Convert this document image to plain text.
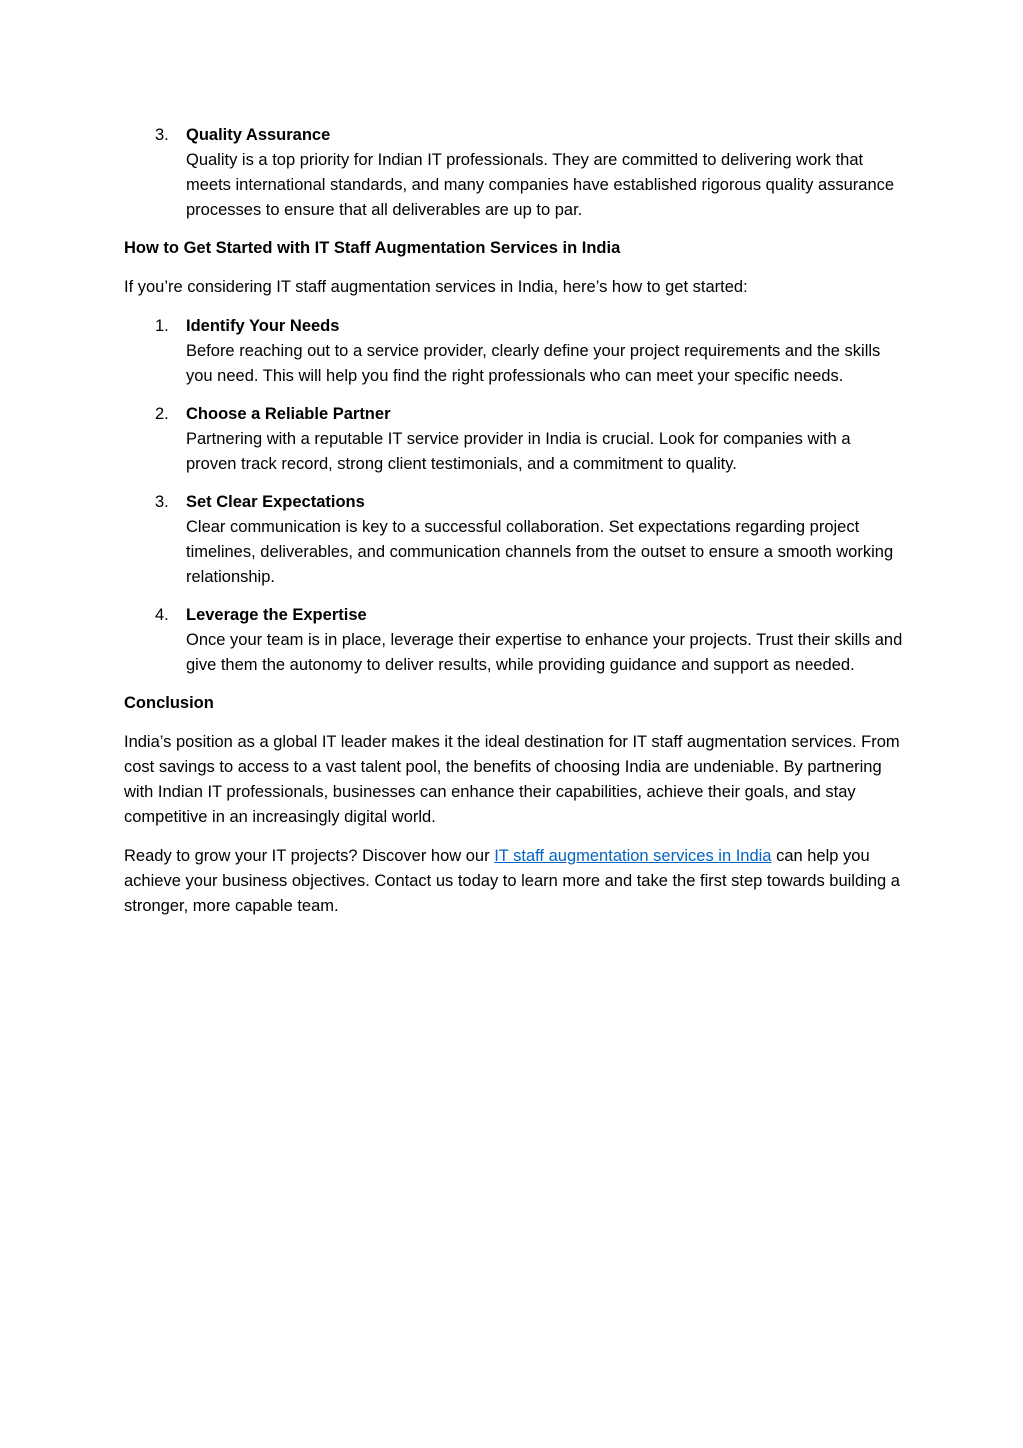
3. Quality Assurance
Quality is a top priority for Indian IT professionals. They are committed to delivering work that meets international standards, and many companies have established rigorous quality assurance processes to ensure that all deliverables are up to par.
How to Get Started with IT Staff Augmentation Services in India
If you’re considering IT staff augmentation services in India, here’s how to get started:
1. Identify Your Needs
Before reaching out to a service provider, clearly define your project requirements and the skills you need. This will help you find the right professionals who can meet your specific needs.
2. Choose a Reliable Partner
Partnering with a reputable IT service provider in India is crucial. Look for companies with a proven track record, strong client testimonials, and a commitment to quality.
3. Set Clear Expectations
Clear communication is key to a successful collaboration. Set expectations regarding project timelines, deliverables, and communication channels from the outset to ensure a smooth working relationship.
4. Leverage the Expertise
Once your team is in place, leverage their expertise to enhance your projects. Trust their skills and give them the autonomy to deliver results, while providing guidance and support as needed.
Conclusion
India’s position as a global IT leader makes it the ideal destination for IT staff augmentation services. From cost savings to access to a vast talent pool, the benefits of choosing India are undeniable. By partnering with Indian IT professionals, businesses can enhance their capabilities, achieve their goals, and stay competitive in an increasingly digital world.
Ready to grow your IT projects? Discover how our IT staff augmentation services in India can help you achieve your business objectives. Contact us today to learn more and take the first step towards building a stronger, more capable team.
